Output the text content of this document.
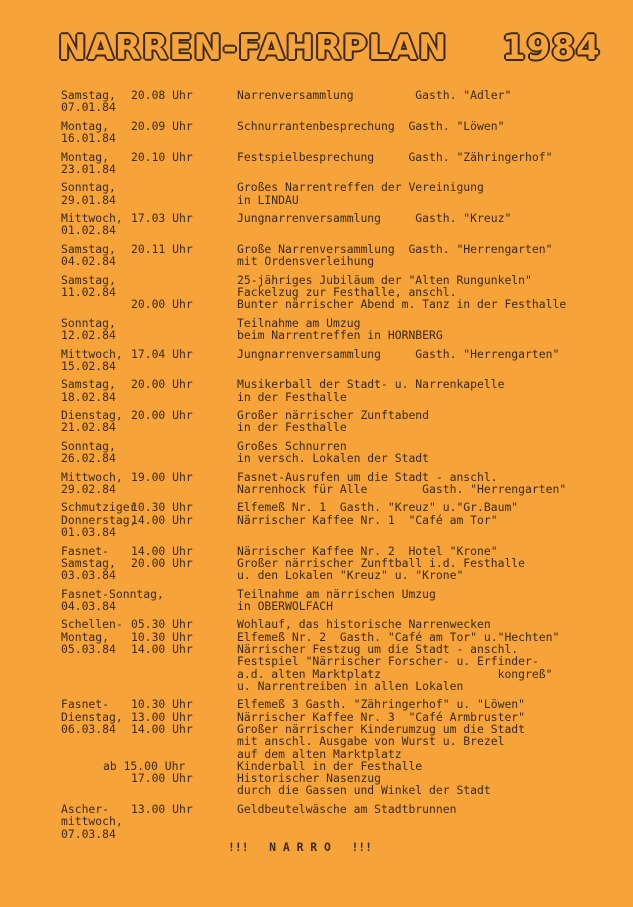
NARREN-FAHRPLAN 1984
Samstag, 20.08 Uhr	Narrenversammlung         Gasth. "Adler"
07.01.84
Montag, 20.09 Uhr	Schnurrantenbesprechung  Gasth. "Löwen"
16.01.84
Montag, 20.10 Uhr	Festspielbesprechung     Gasth. "Zähringerhof"
23.01.84
Sonntag,	Großes Narrentreffen der Vereinigung
29.01.84	in LINDAU
Mittwoch, 17.03 Uhr	Jungnarrenversammlung     Gasth. "Kreuz"
01.02.84
Samstag, 20.11 Uhr	Große Narrenversammlung  Gasth. "Herrengarten"
04.02.84	mit Ordensverleihung
Samstag,	25-jähriges Jubiläum der "Alten Rungunkeln"
11.02.84	Fackelzug zur Festhalle, anschl.
20.00 Uhr	Bunter närrischer Abend m. Tanz in der Festhalle
Sonntag,	Teilnahme am Umzug
12.02.84	beim Narrentreffen in HORNBERG
Mittwoch, 17.04 Uhr	Jungnarrenversammlung     Gasth. "Herrengarten"
15.02.84
Samstag, 20.00 Uhr	Musikerball der Stadt- u. Narrenkapelle
18.02.84	in der Festhalle
Dienstag, 20.00 Uhr	Großer närrischer Zunftabend
21.02.84	in der Festhalle
Sonntag,	Großes Schnurren
26.02.84	in versch. Lokalen der Stadt
Mittwoch, 19.00 Uhr	Fasnet-Ausrufen um die Stadt - anschl.
29.02.84	Narrenhock für Alle        Gasth. "Herrengarten"
Schmutziger
10.30 Uhr	Elfemeß Nr. 1  Gasth. "Kreuz" u."Gr.Baum"
Donnerstag,
14.00 Uhr	Närrischer Kaffee Nr. 1  "Café am Tor"
01.03.84
Fasnet- 14.00 Uhr	Närrischer Kaffee Nr. 2  Hotel "Krone"
Samstag, 20.00 Uhr	Großer närrischer Zunftball i.d. Festhalle
03.03.84	u. den Lokalen "Kreuz" u. "Krone"
Fasnet-Sonntag,	Teilnahme am närrischen Umzug
04.03.84	in OBERWOLFACH
Schellen- 05.30 Uhr	Wohlauf, das historische Narrenwecken
Montag, 10.30 Uhr	Elfemeß Nr. 2  Gasth. "Café am Tor" u."Hechten"
05.03.84 14.00 Uhr	Närrischer Festzug um die Stadt - anschl.
Festspiel "Närrischer Forscher- u. Erfinder-
a.d. alten Marktplatz                 kongreß"
u. Narrentreiben in allen Lokalen
Fasnet- 10.30 Uhr	Elfemeß 3 Gasth. "Zähringerhof" u. "Löwen"
Dienstag, 13.00 Uhr	Närrischer Kaffee Nr. 3  "Café Armbruster"
06.03.84 14.00 Uhr	Großer närrischer Kinderumzug um die Stadt
mit anschl. Ausgabe von Wurst u. Brezel
auf dem alten Marktplatz
ab 15.00 Uhr	Kinderball in der Festhalle
17.00 Uhr	Historischer Nasenzug
durch die Gassen und Winkel der Stadt
Ascher- 13.00 Uhr	Geldbeutelwäsche am Stadtbrunnen
mittwoch,
07.03.84
!!!   N A R R O   !!!
